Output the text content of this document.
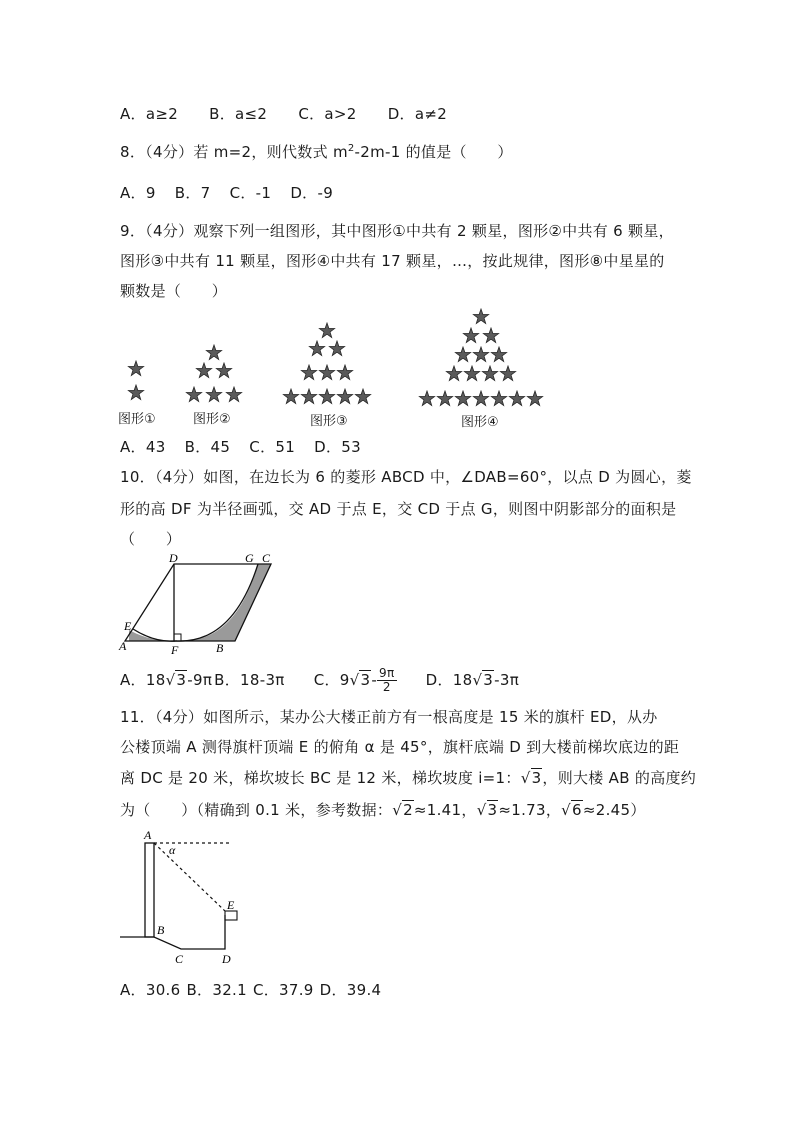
A．a≥2 B．a≤2 C．a>2 D．a≠2
8．（4分）若 m=2，则代数式 $m^2-2m-1$ 的值是（　　）
A．9 B．7 C．-1 D．-9
9．（4分）观察下列一组图形，其中图形①中共有 2 颗星，图形②中共有 6 颗星，
图形③中共有 11 颗星，图形④中共有 17 颗星，…，按此规律，图形⑧中星星的
颗数是（　　）
图形①	图形②	图形③	图形④
A．43 B．45 C．51 D．53
10．（4分）如图，在边长为 6 的菱形 ABCD 中，∠DAB=60°，以点 D 为圆心，菱
形的高 DF 为半径画弧，交 AD 于点 E，交 CD 于点 G，则图中阴影部分的面积是
（　　）
D	G C
E
A	F	B
A．18√3-9π B．18-3π C．$9√3- \frac{9\pi}{2}$ D．18√3-3π
11．（4分）如图所示，某办公大楼正前方有一根高度是 15 米的旗杆 ED，从办
公楼顶端 A 测得旗杆顶端 E 的俯角 α 是 45°，旗杆底端 D 到大楼前梯坎底边的距
离 DC 是 20 米，梯坎坡长 BC 是 12 米，梯坎坡度 i=1：√3，则大楼 AB 的高度约
为（　　）（精确到 0.1 米，参考数据：√2≈1.41，√3≈1.73，√6≈2.45）
A
α
E
B
C	D
A．30.6 B．32.1 C．37.9 D．39.4
